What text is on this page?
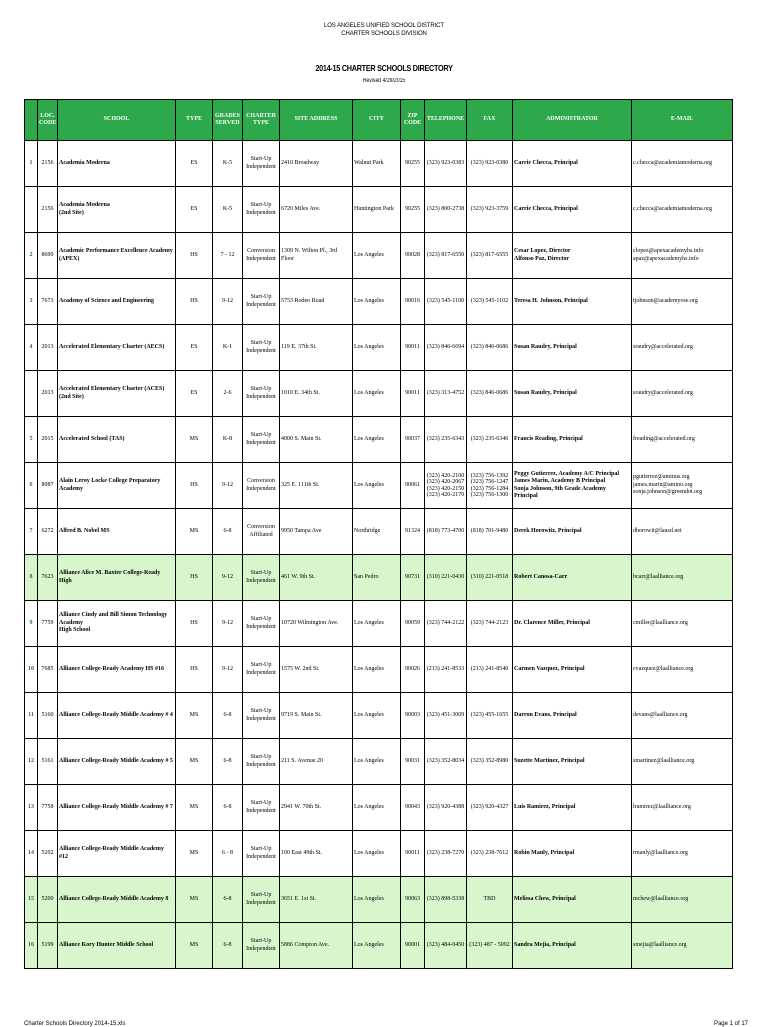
LOS ANGELES UNIFIED SCHOOL DISTRICT
CHARTER SCHOOLS DIVISION
2014-15 CHARTER SCHOOLS DIRECTORY
Revised 4/29/2015
	LOC. CODE	SCHOOL	TYPE	GRADES SERVED	CHARTER TYPE	SITE ADDRESS	CITY	ZIP CODE	TELEPHONE	FAX	ADMINISTRATOR	E-MAIL
1	2156	Academia Moderna	ES	K-5	Start-Up
Independent	2410 Broadway	Walnut Park	90255	(323) 923-0383	(323) 923-0380	Carrie Checca, Principal	c.checca@academiamoderna.org

	2156	Academia Moderna
(2nd Site)	ES	K-5	Start-Up
Independent	6720 Miles Ave.	Huntington Park	90255	(323) 800-2738	(323) 923-3759	Carrie Checca, Principal	c.checca@academiamoderna.org

2	8690	Academic Performance Excellence Academy (APEX)	HS	7 - 12	Conversion
Independent	1309 N. Wilton Pl., 3rd Floor	Los Angeles	90028	(323) 817-6550	(323) 817-6555	Cesar Lopez, Director
Alfonso Paz, Director	clopez@apexacademyhs.info
apaz@apexacademyhs.info

3	7673	Academy of Science and Engineering	HS	9-12	Start-Up
Independent	5753 Rodeo Road	Los Angeles	90016	(323) 545-1100	(323) 545-1102	Teresa H. Johnson, Principal	tjohnson@academyose.org

4	2013	Accelerated Elementary Charter (AECS)	ES	K-1	Start-Up
Independent	119 E. 37th St.	Los Angeles	90011	(323) 846-6694	(323) 846-0686	Susan Raudry, Principal	sraudry@accelerated.org

	2013	Accelerated Elementary Charter (ACES)
(2nd Site)	ES	2-6	Start-Up
Independent	1010 E. 34th St.	Los Angeles	90011	(323) 313-4752	(323) 846-0686	Susan Raudry, Principal	sraudry@accelerated.org

5	2015	Accelerated School (TAS)	MS	K-8	Start-Up
Independent	4000 S. Main St.	Los Angeles	90037	(323) 235-6343	(323) 235-6346	Francis Reading, Principal	freading@accelerated.org

6	8087	Alain Leroy Locke College Preparatory Academy	HS	9-12	Conversion
Independent	325 E. 111th St.	Los Angeles	90061	(323) 420-2100
(323) 420-2067
(323) 420-2150
(323) 420-2170	(323) 756-1392
(323) 756-1247
(323) 756-1284
(323) 756-1300	Peggy Gutierrez, Academy A/C Principal
James Marin, Academy B Principal
Sonja Johnson, 9th Grade Academy Principal	pgutierrez@aminus.org
james.marin@amino.org
sonja.johnson@greendot.org

7	6272	Alfred B. Nobel MS	MS	6-8	Conversion
Affiliated	9950 Tampa Ave	Northridge	91324	(818) 773-4700	(818) 701-9480	Derek Horowitz, Principal	dhorowit@lausd.net

8	7623	Alliance Alice M. Baxter College-Ready High	HS	9-12	Start-Up
Independent	461 W. 9th St.	San Pedro	90731	(310) 221-0430	(310) 221-0518	Robert Canosa-Carr	bcarr@laalliance.org

9	7759	Alliance Cindy and Bill Simon Technology Academy
High School	HS	9-12	Start-Up
Independent	10720 Wilmington Ave.	Los Angeles	90059	(323) 744-2122	(323) 744-2123	Dr. Clarence Miller, Principal	cmiller@laalliance.org

10	7685	Alliance College-Ready Academy HS #16	HS	9-12	Start-Up
Independent	1575 W. 2nd St.	Los Angeles	90026	(213) 241-8533	(213) 241-8540	Carmen Vazquez, Principal	cvazquez@laalliance.org

11	5160	Alliance College-Ready Middle Academy # 4	MS	6-8	Start-Up
Independent	9719 S. Main St.	Los Angeles	90003	(323) 451-3009	(323) 455-1655	Darron Evans, Principal	devans@laalliance.org

12	5161	Alliance College-Ready Middle Academy # 5	MS	6-8	Start-Up
Independent	211 S. Avenue 20	Los Angeles	90031	(323) 352-8034	(323) 352-8980	Suzette Martinez, Principal	smartinez@laalliance.org

13	7758	Alliance College-Ready Middle Academy # 7	MS	6-8	Start-Up
Independent	2941 W. 70th St.	Los Angeles	90043	(323) 920-4388	(323) 920-4327	Luis Ramirez, Principal	lramirez@laalliance.org

14	5202	Alliance College-Ready Middle Academy #12	MS	6 - 8	Start-Up
Independent	100 East 49th St.	Los Angeles	90011	(323) 238-7270	(323) 238-7612	Robin Manly, Principal	rmanly@laalliance.org

15	5200	Alliance College-Ready Middle Academy 8	MS	6-8	Start-Up
Independent	3651 E. 1st St.	Los Angeles	90063	(323) 898-5338	TBD	Melissa Chew, Principal	mchew@laalliance.org

16	5199	Alliance Kory Hunter Middle School	MS	6-8	Start-Up
Independent	5886 Compton Ave.	Los Angeles	90001	(323) 484-0450	(323) 487 - 5092	Sandra Mejia, Principal	smejia@laalliance.org
Charter Schools Directory 2014-15.xls	Page 1 of 17
